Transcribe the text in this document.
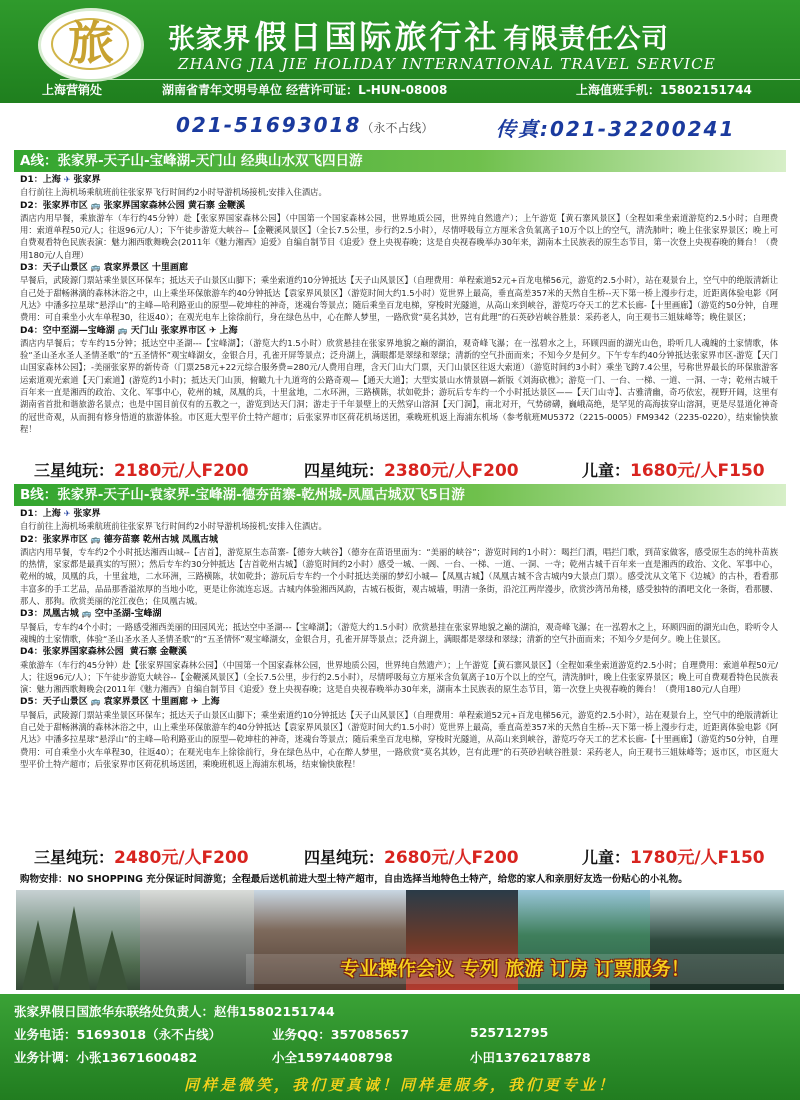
旅	张家界 假日国际旅行社 有限责任公司
ZHANG JIA JIE HOLIDAY INTERNATIONAL TRAVEL SERVICE
上海营销处	湖南省青年文明号单位 经营许可证：L-HUN-08008	上海值班手机：15802151744
021-51693018（永不占线）	传真:021-32200241
A线：张家界-天子山-宝峰湖-天门山 经典山水双飞四日游
D1：上海 ✈ 张家界
自行前往上海机场乘航班前往张家界飞行时间约2小时导游机场接机;安排入住酒店。
D2：张家界市区 🚌 张家界国家森林公园 黄石寨 金鞭溪
酒店内用早餐，乘旅游车（车行约45分钟）赴【张家界国家森林公园】（中国第一个国家森林公园，世界地质公园，世界纯自然遗产）；上午游览【黄石寨风景区】（全程如乘坐索道游览约2.5小时；自理费用：索道单程50元/人；往返96元/人）；下午徒步游览大峡谷--【金鞭溪风景区】（全长7.5公里，步行约2.5小时），尽情呼吸每立方厘米含负氧离子10万个以上的空气，清洗肺叶；晚上住张家界景区；晚上可自费观看特色民族表演：魅力湘西歌舞晚会(2011年《魅力湘西》追爱》自编自制节目《追爱》登上央视春晚；这是自央视春晚举办30年来，湖南本土民族表的原生态节目，第一次登上央视春晚的舞台！（费用180元/人自理）
D3：天子山景区 🚌 袁家界景区 十里画廊
早餐后，武陵源门票站乘坐景区环保车；抵达天子山景区山脚下；乘坐索道约10分钟抵达【天子山风景区】（自理费用：单程索道52元+百龙电梯56元，游览约2.5小时），站在观景台上，空气中的绝版清新让自己处于甜畅淋漓的森林沐浴之中，山上乘坐环保旅游车约40分钟抵达【袁家界风景区】（游览时间大约1.5小时）览世界上最高，垂直高差357米的天然自生桥--天下第一桥上漫步行走，近距离体验电影《阿凡达》中潘多拉星球“悬浮山”的主峰—哈利路亚山的原型—乾坤柱的神奇，迷魂台等景点；随后乘坐百龙电梯，穿梭时光隧道，从高山来到峡谷，游览巧夺天工的艺术长廊-【十里画廊】（游览约50分钟，自理费用：可自乘坐小火车单程30，往返40）；在观光电车上徐徐前行，身在绿色丛中，心在醉人梦里，一路欣赏“莫名其妙，岂有此理”的石英砂岩峡谷胜景：采药老人，向王观书三姐妹峰等；晚住景区；
D4：空中至湖—宝峰湖 🚌 天门山 张家界市区 ✈ 上海
酒店内早餐后；专车约15分钟；抵达空中圣湖---【宝峰湖】；（游览大约1.5小时）欣赏悬挂在张家界地貌之巅的湖泊，观奇峰飞瀑；在一泓碧水之上，环顾四面的湖光山色，聆听几人魂魄的土家情歌，体验“圣山圣水圣人圣情圣歌”的“五圣情怀”观宝峰湖女，金银合月，孔雀开屏等景点；泛舟湖上，满眼都是翠绿和翠绿；清新的空气扑面而来；不知今夕是何夕。下午专车约40分钟抵达张家界市区-游览【天门山国家森林公园】；-美丽张家界的新传奇（门票258元+22元综合服务费=280元/人费用自理，含天门山大门票，天门山景区往返大索道）（游览时间约3小时）乘坐飞跨7.4公里，号称世界最长的环保旅游客运索道观光索道【天门索道】(游览约1小时)；抵达天门山顶，俯瞰九十九道弯的公路奇观—【通天大道】；大型实景山水情景剧—新版《刘海砍樵》；游览一门、一台、一梯、一道、一洞、一寺；乾州古城千百年来一直是湘西的政治、文化、军事中心，乾州的城，凤凰的兵，十里盆地，二水环洲，三路横陈，状如乾卦；游玩后专车约一个小时抵达景区——【天门山寺】、古雅清幽，奇巧依宏，视野开阔，这里有湖南省首批和谐旅游名景点；也是中国目前仅有的五教之一，游览到达天门洞；游走于千年景壁上的天然穿山溶洞【天门洞】，南北对开，气势磅礴，巍峨高绝，是罕见的高海拔穿山溶洞，更是尽显道化神奇的冠世奇观，从而拥有修身悟道的旅游体验。市区逛大型平价土特产超市；后张家界市区荷花机场送团，乘晚班机返上海浦东机场（参考航班MU5372（2215-0005）FM9342（2235-0220），结束愉快旅程！
三星纯玩：2180元/人F200	四星纯玩：2380元/人F200	儿童：1680元/人F150
B线：张家界-天子山-袁家界-宝峰湖-德夯苗寨-乾州城-凤凰古城双飞5日游
D1：上海 ✈ 张家界
自行前往上海机场乘航班前往张家界飞行时间约2小时导游机场接机;安排入住酒店。
D2：张家界市区 🚌 德夯苗寨 乾州古城 凤凰古城
酒店内用早餐，专车约2个小时抵达湘西山城--【吉首】，游览原生态苗寨-【德夯大峡谷】（德夯在苗语里面为：“美丽的峡谷”；游览时间约1小时）：喝拦门酒，唱拦门歌，到苗家做客，感受原生态的纯朴苗族的热情，家家都是最真实的写照）；然后专车约30分钟抵达【吉首乾州古城】（游览时间约2小时）感受一城、一阁、一台、一梯、一道、一洞、一寺；乾州古城千百年来一直是湘西的政治、文化、军事中心，乾州的城，凤凰的兵，十里盆地，二水环洲，三路横陈，状如乾卦；游玩后专车约一个小时抵达美丽的梦幻小城—【凤凰古城】（凤凰古城不含古城内9大景点门票）。感受沈从文笔下《边城》的古朴，看看那丰富多的手工艺品，品品那香溢浓厚的当地小吃，更是让你流连忘返。古城内体验湘西风韵，古城石板街，观古城墙，明清一条街，沿沱江两岸漫步，欣赏沙湾吊角楼，感受独特的酒吧文化一条街，看那腰、那人、那狗。欣赏美丽的沱江夜色；住凤凰古城。
D3：凤凰古城 🚌 空中圣湖-宝峰湖
早餐后，专车约4个小时；一路感受湘西美丽的田园风光；抵达空中圣湖---【宝峰湖】；（游览大约1.5小时）欣赏悬挂在张家界地貌之巅的湖泊，观奇峰飞瀑；在一泓碧水之上，环顾四面的湖光山色，聆听令人魂魄的土家情歌，体验“圣山圣水圣人圣情圣歌”的“五圣情怀”观宝峰湖女，金银合月，孔雀开屏等景点；泛舟湖上，满眼都是翠绿和翠绿；清新的空气扑面而来；不知今夕是何夕。晚上住景区。
D4：张家界国家森林公园 黄石寨 金鞭溪
乘旅游车（车行约45分钟）赴【张家界国家森林公园】（中国第一个国家森林公园，世界地质公园，世界纯自然遗产）；上午游览【黄石寨风景区】（全程如乘坐索道游览约2.5小时；自理费用：索道单程50元/人；往返96元/人）；下午徒步游览大峡谷--【金鞭溪风景区】（全长7.5公里，步行约2.5小时），尽情呼吸每立方厘米含负氧离子10万个以上的空气，清洗肺叶，晚上住张家界景区；晚上可自费观看特色民族表演：魅力湘西歌舞晚会(2011年《魅力湘西》自编自制节目《追爱》登上央视春晚；这是自央视春晚举办30年来，湖南本土民族表的原生态节目，第一次登上央视春晚的舞台！（费用180元/人自理）
D5：天子山景区 🚌 袁家界景区 十里画廊 ✈ 上海
早餐后，武陵源门票站乘坐景区环保车；抵达天子山景区山脚下；乘坐索道约10分钟抵达【天子山风景区】（自理费用：单程索道52元+百龙电梯56元，游览约2.5小时），站在观景台上，空气中的绝版清新让自己处于甜畅淋漓的森林沐浴之中，山上乘坐环保旅游车约40分钟抵达【袁家界风景区】（游览时间大约1.5小时）览世界上最高，垂直高差357米的天然自生桥--天下第一桥上漫步行走，近距离体验电影《阿凡达》中潘多拉星球“悬浮山”的主峰—哈利路亚山的原型—乾坤柱的神奇，迷魂台等景点；随后乘坐百龙电梯，穿梭时光隧道，从高山来到峡谷，游览巧夺天工的艺术长廊-【十里画廊】（游览约50分钟，自理费用：可自乘坐小火车单程30，往返40）；在观光电车上徐徐前行，身在绿色丛中，心在醉人梦里，一路欣赏“莫名其妙，岂有此理”的石英砂岩峡谷胜景：采药老人，向王观书三姐妹峰等；返市区，市区逛大型平价土特产超市；后张家界市区荷花机场送团，乘晚班机返上海浦东机场，结束愉快旅程！
三星纯玩：2480元/人F200	四星纯玩：2680元/人F200	儿童：1780元/人F150
购物安排：NO SHOPPING 充分保证时间游览；全程最后送机前进大型土特产超市，自由选择当地特色土特产，给您的家人和亲朋好友选一份贴心的小礼物。
专业操作会议 专列 旅游 订房 订票服务！
张家界假日国旅华东联络处负责人：赵伟15802151744
业务电话：51693018（永不占线）	业务QQ：357085657	525712795
业务计调：小张13671600482	小全15974408798	小田13762178878
同样是微笑，我们更真诚！同样是服务，我们更专业！
